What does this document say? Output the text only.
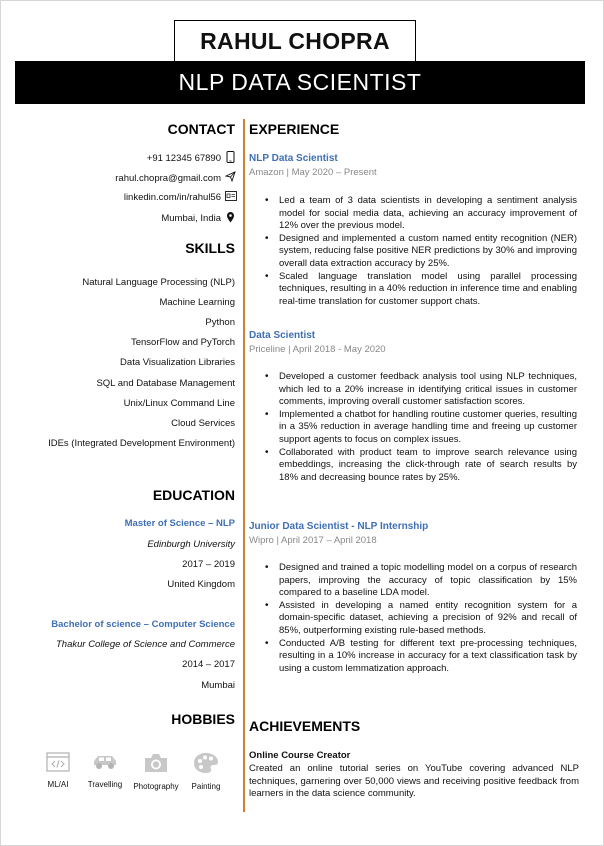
NLP DATA SCIENTIST
RAHUL CHOPRA
CONTACT
+91 12345 67890
rahul.chopra@gmail.com
linkedin.com/in/rahul56
Mumbai, India
SKILLS
Natural Language Processing (NLP)
Machine Learning
Python
TensorFlow and PyTorch
Data Visualization Libraries
SQL and Database Management
Unix/Linux Command Line
Cloud Services
IDEs (Integrated Development Environment)
EDUCATION
Master of Science – NLP
Edinburgh University
2017 – 2019
United Kingdom
Bachelor of science – Computer Science
Thakur College of Science and Commerce
2014 – 2017
Mumbai
HOBBIES
ML/AI	Travelling	Photography	Painting
EXPERIENCE
NLP Data Scientist
Amazon | May 2020 – Present
• Led a team of 3 data scientists in developing a sentiment analysis model for social media data, achieving an accuracy improvement of 12% over the previous model.
• Designed and implemented a custom named entity recognition (NER) system, reducing false positive NER predictions by 30% and improving overall data extraction accuracy by 25%.
• Scaled language translation model using parallel processing techniques, resulting in a 40% reduction in inference time and enabling real-time translation for customer support chats.
Data Scientist
Priceline | April 2018 - May 2020
• Developed a customer feedback analysis tool using NLP techniques, which led to a 20% increase in identifying critical issues in customer comments, improving overall customer satisfaction scores.
• Implemented a chatbot for handling routine customer queries, resulting in a 35% reduction in average handling time and freeing up customer support agents to focus on complex issues.
• Collaborated with product team to improve search relevance using embeddings, increasing the click-through rate of search results by 18% and decreasing bounce rates by 25%.
Junior Data Scientist - NLP Internship
Wipro | April 2017 – April 2018
• Designed and trained a topic modelling model on a corpus of research papers, improving the accuracy of topic classification by 15% compared to a baseline LDA model.
• Assisted in developing a named entity recognition system for a domain-specific dataset, achieving a precision of 92% and recall of 85%, outperforming existing rule-based methods.
• Conducted A/B testing for different text pre-processing techniques, resulting in a 10% increase in accuracy for a text classification task by using a custom lemmatization approach.
ACHIEVEMENTS
Online Course Creator
Created an online tutorial series on YouTube covering advanced NLP techniques, garnering over 50,000 views and receiving positive feedback from learners in the data science community.
